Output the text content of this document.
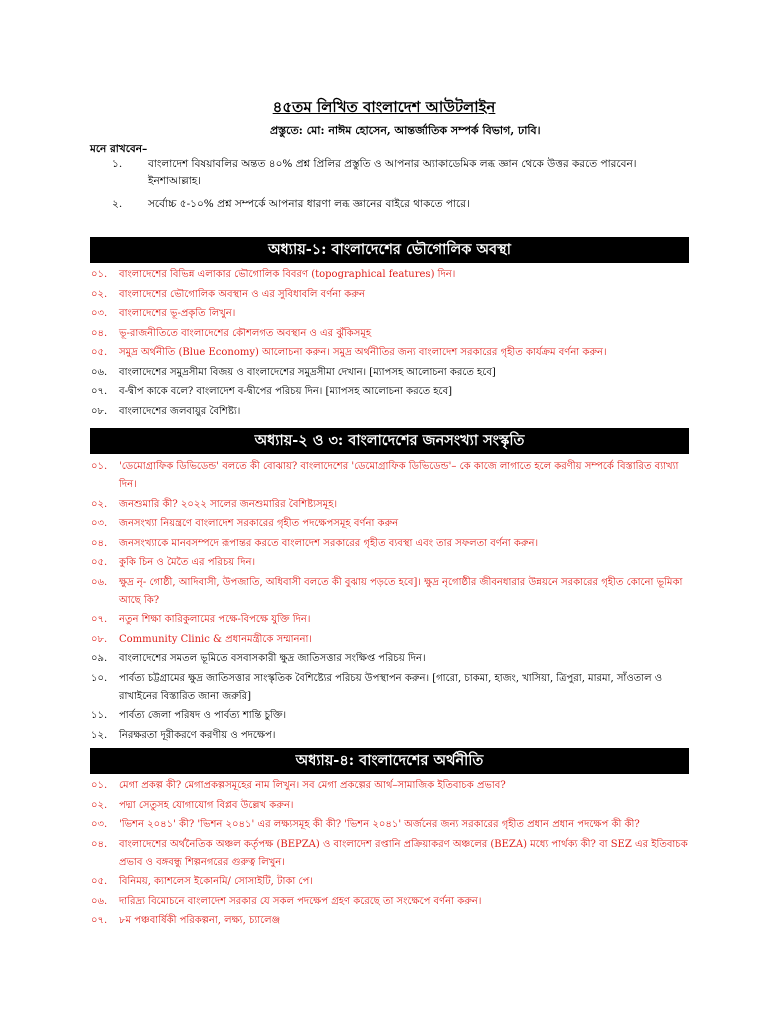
৪৫তম লিখিত বাংলাদেশ আউটলাইন
প্রস্তুতে: মো: নাঈম হোসেন, আন্তর্জাতিক সম্পর্ক বিভাগ, ঢাবি।
মনে রাখবেন–
১.	বাংলাদেশ বিষয়াবলির অন্তত ৪০% প্রশ্ন প্রিলির প্রস্তুতি ও আপনার অ্যাকাডেমিক লব্ধ জ্ঞান থেকে উত্তর করতে পারবেন। ইনশাআল্লাহ।
২.	সর্বোচ্চ ৫-১০% প্রশ্ন সম্পর্কে আপনার ধারণা লব্ধ জ্ঞানের বাইরে থাকতে পারে।
অধ্যায়-১: বাংলাদেশের ভৌগোলিক অবস্থা
০১.	বাংলাদেশের বিভিন্ন এলাকার ভৌগোলিক বিবরণ (topographical features) দিন।
০২.	বাংলাদেশের ভৌগোলিক অবস্থান ও এর সুবিধাবলি বর্ণনা করুন
০৩.	বাংলাদেশের ভূ-প্রকৃতি লিখুন।
০৪.	ভূ-রাজনীতিতে বাংলাদেশের কৌশলগত অবস্থান ও এর ঝুঁকিসমূহ
০৫.	সমুদ্র অর্থনীতি (Blue Economy) আলোচনা করুন। সমুদ্র অর্থনীতির জন্য বাংলাদেশ সরকারের গৃহীত কার্যক্রম বর্ণনা করুন।
০৬.	বাংলাদেশের সমুদ্রসীমা বিজয় ও বাংলাদেশের সমুদ্রসীমা দেখান। [ম্যাপসহ আলোচনা করতে হবে]
০৭.	ব-দ্বীপ কাকে বলে? বাংলাদেশ ব-দ্বীপের পরিচয় দিন। [ম্যাপসহ আলোচনা করতে হবে]
০৮.	বাংলাদেশের জলবায়ুর বৈশিষ্ট্য।
অধ্যায়-২ ও ৩: বাংলাদেশের জনসংখ্যা সংস্কৃতি
০১.	'ডেমোগ্রাফিক ডিভিডেন্ড' বলতে কী বোঝায়? বাংলাদেশের 'ডেমোগ্রাফিক ডিভিডেন্ড'– কে কাজে লাগাতে হলে করণীয় সম্পর্কে বিস্তারিত ব্যাখ্যা দিন।
০২.	জনশুমারি কী? ২০২২ সালের জনশুমারির বৈশিষ্ট্যসমূহ।
০৩.	জনসংখ্যা নিয়ন্ত্রণে বাংলাদেশ সরকারের গৃহীত পদক্ষেপসমূহ বর্ণনা করুন
০৪.	জনসংখ্যাকে মানবসম্পদে রূপান্তর করতে বাংলাদেশ সরকারের গৃহীত ব্যবস্থা এবং তার সফলতা বর্ণনা করুন।
০৫.	কুকি চিন ও মৈতৈ এর পরিচয় দিন।
০৬.	ক্ষুদ্র নৃ- গোষ্ঠী, আদিবাসী, উপজাতি, অধিবাসী বলতে কী বুঝায় পড়তে হবে]। ক্ষুদ্র নৃগোষ্ঠীর জীবনধারার উন্নয়নে সরকারের গৃহীত কোনো ভূমিকা আছে কি?
০৭.	নতুন শিক্ষা কারিকুলামের পক্ষে-বিপক্ষে যুক্তি দিন।
০৮.	Community Clinic & প্রধানমন্ত্রীকে সম্মাননা।
০৯.	বাংলাদেশের সমতল ভূমিতে বসবাসকারী ক্ষুদ্র জাতিসত্তার সংক্ষিপ্ত পরিচয় দিন।
১০.	পার্বত্য চট্টগ্রামের ক্ষুদ্র জাতিসত্তার সাংস্কৃতিক বৈশিষ্ট্যের পরিচয় উপস্থাপন করুন। [গারো, চাকমা, হাজং, খাসিয়া, ত্রিপুরা, মারমা, সাঁওতাল ও রাখাইনের বিস্তারিত জানা জরুরি]
১১.	পার্বত্য জেলা পরিষদ ও পার্বত্য শান্তি চুক্তি।
১২.	নিরক্ষরতা দূরীকরণে করণীয় ও পদক্ষেপ।
অধ্যায়-৪: বাংলাদেশের অর্থনীতি
০১.	মেগা প্রকল্প কী? মেগাপ্রকল্পসমূহের নাম লিখুন। সব মেগা প্রকল্পের আর্থ–সামাজিক ইতিবাচক প্রভাব?
০২.	পদ্মা সেতুসহ যোগাযোগ বিপ্লব উল্লেখ করুন।
০৩.	'ভিশন ২০৪১' কী? 'ভিশন ২০৪১' এর লক্ষ্যসমূহ কী কী? 'ভিশন ২০৪১' অর্জনের জন্য সরকারের গৃহীত প্রধান প্রধান পদক্ষেপ কী কী?
০৪.	বাংলাদেশের অর্থনৈতিক অঞ্চল কর্তৃপক্ষ (BEPZA) ও বাংলাদেশ রপ্তানি প্রক্রিয়াকরণ অঞ্চলের (BEZA) মধ্যে পার্থক্য কী? বা SEZ এর ইতিবাচক প্রভাব ও বঙ্গবন্ধু শিল্পনগরের গুরুত্ব লিখুন।
০৫.	বিনিময়, ক্যাশলেস ইকোনমি/ সোসাইটি, টাকা পে।
০৬.	দারিদ্র্য বিমোচনে বাংলাদেশ সরকার যে সকল পদক্ষেপ গ্রহণ করেছে তা সংক্ষেপে বর্ণনা করুন।
০৭.	৮ম পঞ্চবার্ষিকী পরিকল্পনা, লক্ষ্য, চ্যালেঞ্জ
